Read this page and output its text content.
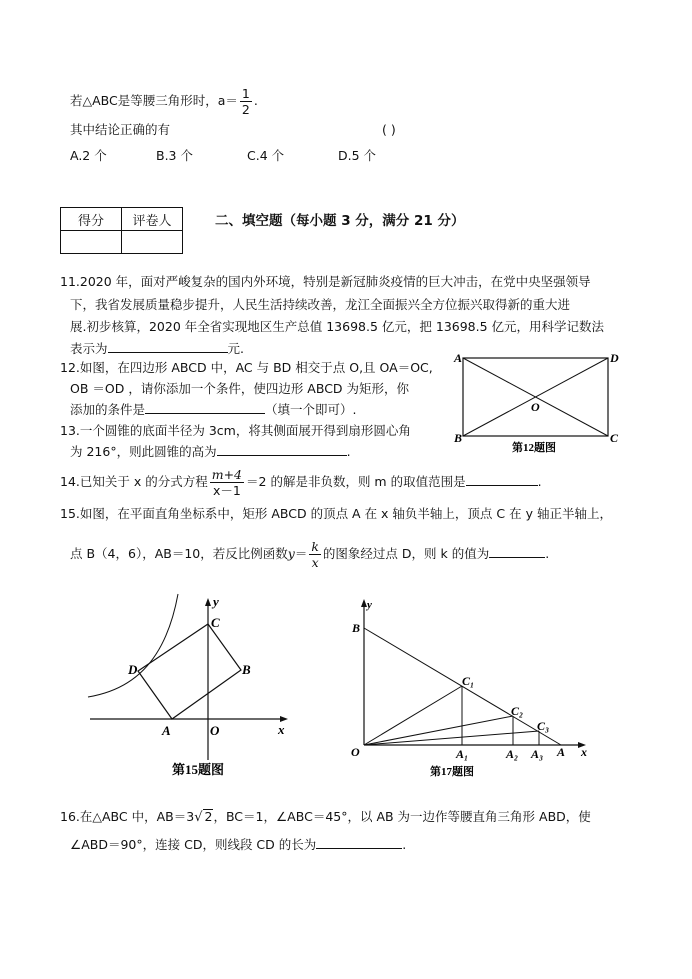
若△ABC是等腰三角形时，$a= \frac{1}{2}$ .
其中结论正确的有	( )
A.2 个	B.3 个	C.4 个	D.5 个
得分	评卷人
		二、填空题（每小题 3 分，满分 21 分）
11.2020 年，面对严峻复杂的国内外环境，特别是新冠肺炎疫情的巨大冲击，在党中央坚强领导
下，我省发展质量稳步提升，人民生活持续改善，龙江全面振兴全方位振兴取得新的重大进
展.初步核算，2020 年全省实现地区生产总值 13698.5 亿元，把 13698.5 亿元，用科学记数法
表示为	元.
12.如图，在四边形 ABCD 中，AC 与 BD 相交于点 O,且 OA＝OC,
OB ＝OD ，请你添加一个条件，使四边形 ABCD 为矩形，你
添加的条件是	（填一个即可）.
A	D
B	C
O
第12题图
13.一个圆锥的底面半径为 3cm，将其侧面展开得到扇形圆心角
为 216°，则此圆锥的高为	.
14.已知关于 x 的分式方程 $\frac{m+4}{x-1} =2$ 的解是非负数，则 m 的取值范围是	.
15.如图，在平面直角坐标系中，矩形 ABCD 的顶点 A 在 x 轴负半轴上，顶点 C 在 y 轴正半轴上，
点 B（4，6），AB＝10，若反比例函数$y= \frac{k}{x}$ 的图象经过点 D，则 k 的值为	.
A	O
D	B
C
x
y
第15题图
B
y
O
C₁
C₂
C₃
A₁	A₂ A₃ A x
第17题图
16.在△ABC 中，AB＝3√ 2，BC＝1，∠ABC＝45°，以 AB 为一边作等腰直角三角形 ABD，使
∠ABD＝90°，连接 CD，则线段 CD 的长为	.
